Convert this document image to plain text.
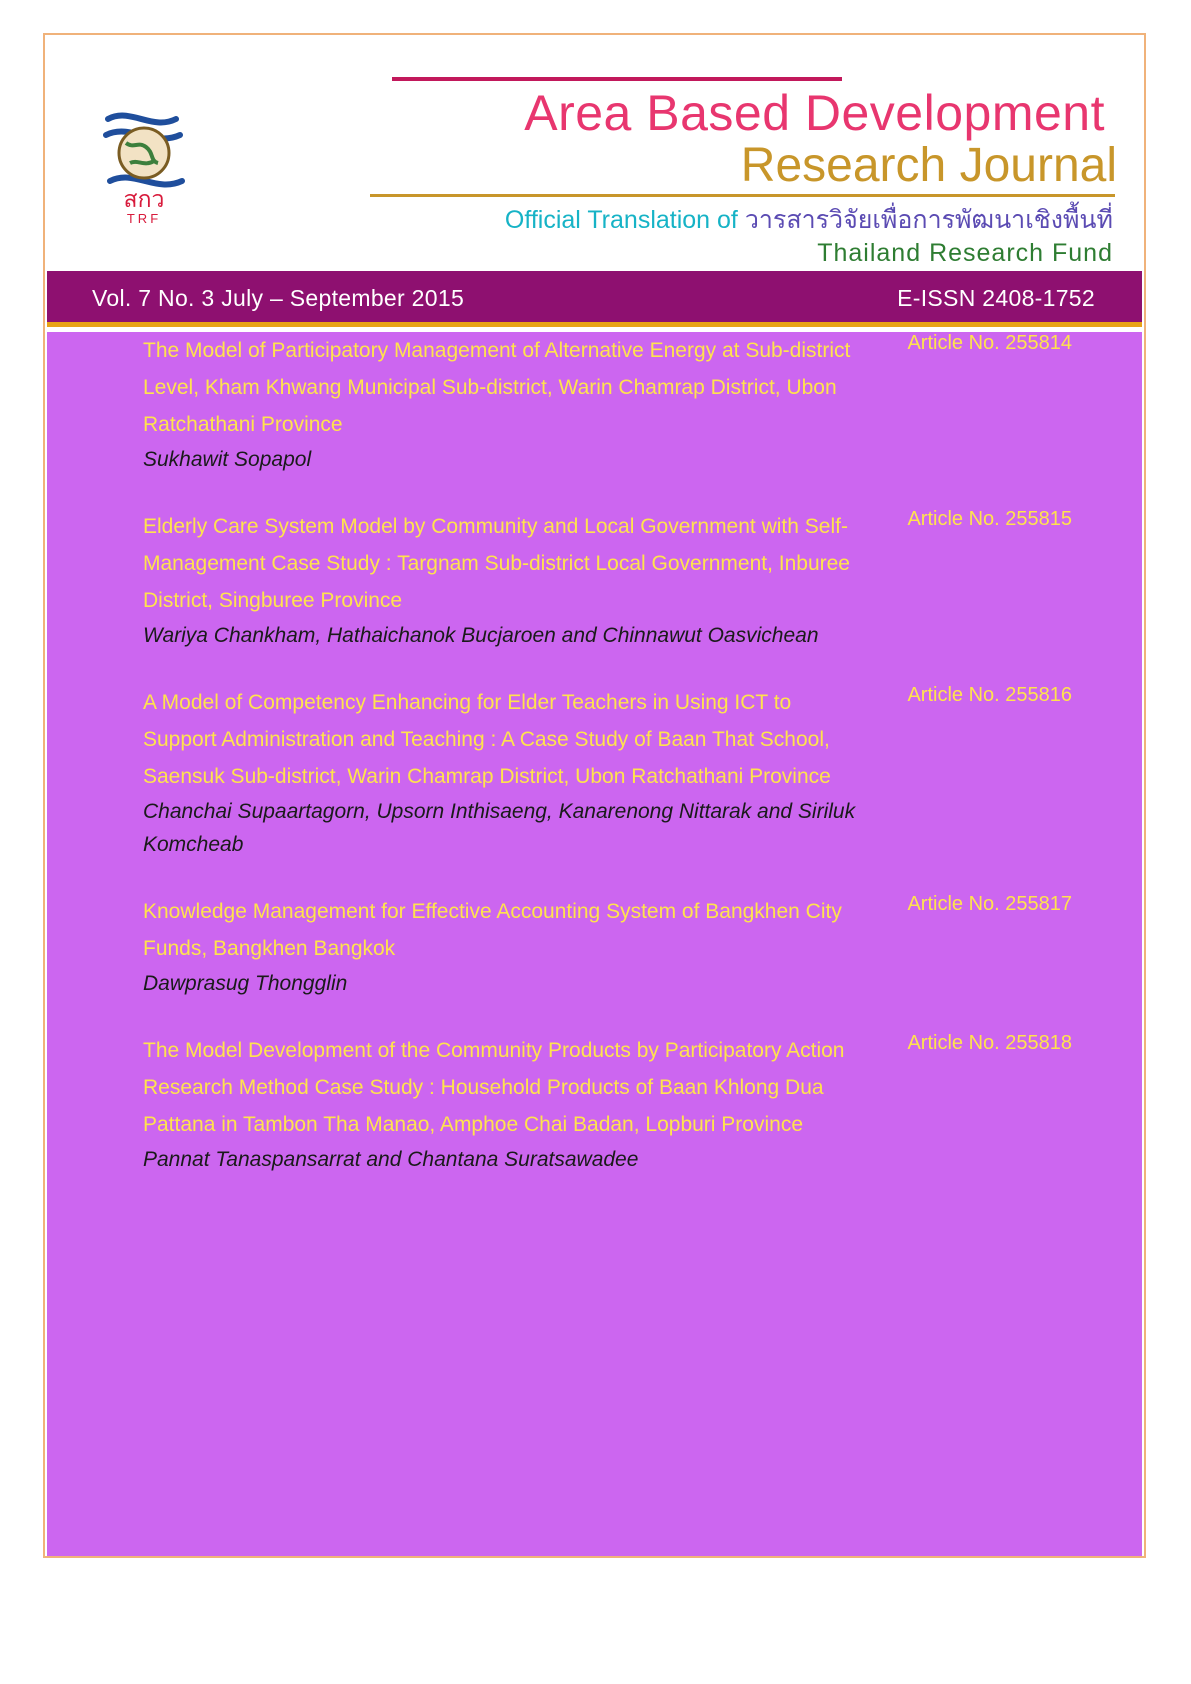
สกว
TRF
Area Based Development
Research Journal
Official Translation of วารสารวิจัยเพื่อการพัฒนาเชิงพื้นที่
Thailand Research Fund
Vol. 7 No. 3 July – September 2015	E-ISSN 2408-1752
The Model of Participatory Management of Alternative Energy at Sub-district Level, Kham Khwang Municipal Sub-district, Warin Chamrap District, Ubon Ratchathani Province
Sukhawit Sopapol
Article No. 255814
Elderly Care System Model by Community and Local Government with Self-Management Case Study : Targnam Sub-district Local Government, Inburee District, Singburee Province
Wariya Chankham, Hathaichanok Bucjaroen and Chinnawut Oasvichean
Article No. 255815
A Model of Competency Enhancing for Elder Teachers in Using ICT to Support Administration and Teaching : A Case Study of Baan That School, Saensuk Sub-district, Warin Chamrap District, Ubon Ratchathani Province
Chanchai Supaartagorn, Upsorn Inthisaeng, Kanarenong Nittarak and Siriluk Komcheab
Article No. 255816
Knowledge Management for Effective Accounting System of Bangkhen City Funds, Bangkhen Bangkok
Dawprasug Thongglin
Article No. 255817
The Model Development of the Community Products by Participatory Action Research Method Case Study : Household Products of Baan Khlong Dua Pattana in Tambon Tha Manao, Amphoe Chai Badan, Lopburi Province
Pannat Tanaspansarrat and Chantana Suratsawadee
Article No. 255818
